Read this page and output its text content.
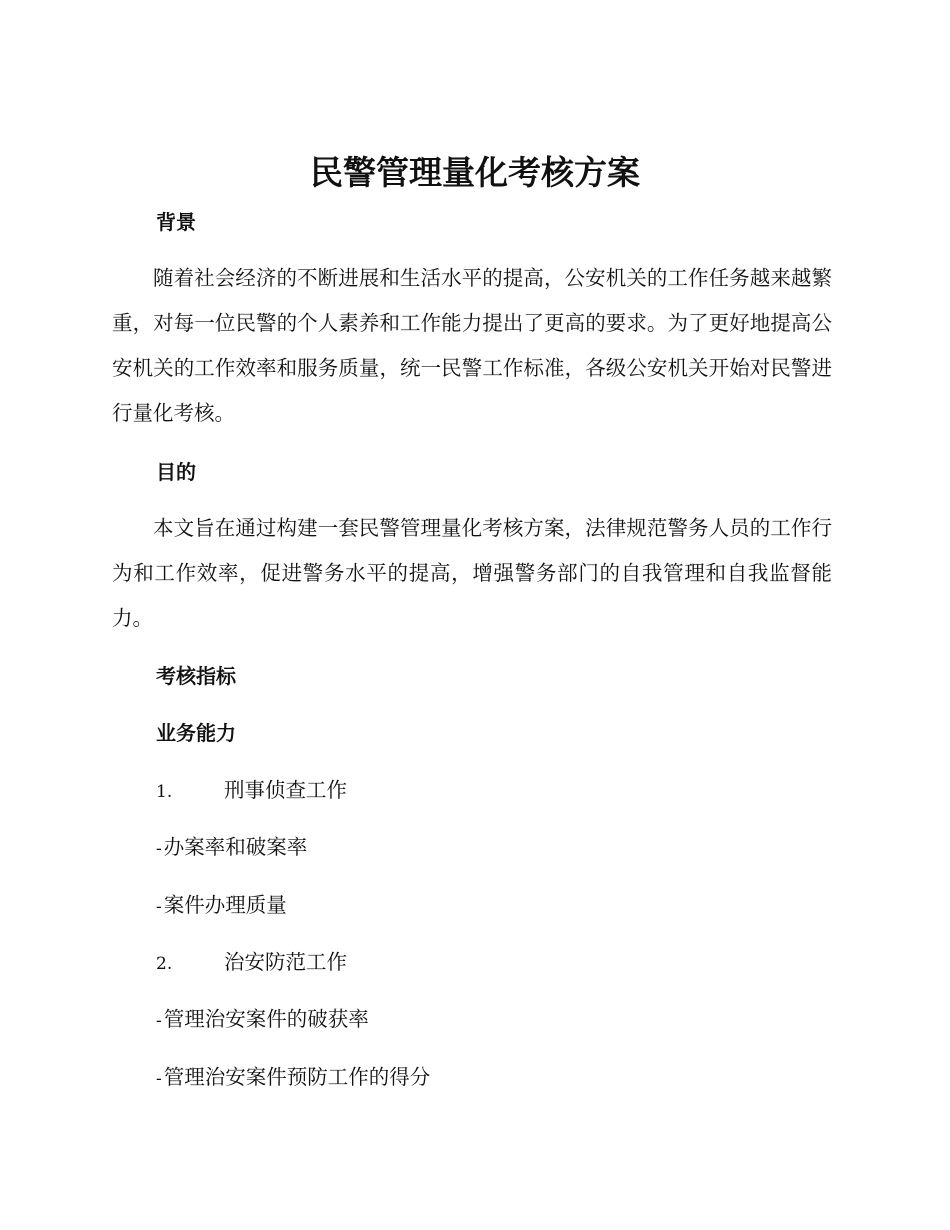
民警管理量化考核方案
背景
随着社会经济的不断进展和生活水平的提高，公安机关的工作任务越来越繁重，对每一位民警的个人素养和工作能力提出了更高的要求。为了更好地提高公安机关的工作效率和服务质量，统一民警工作标准，各级公安机关开始对民警进行量化考核。
目的
本文旨在通过构建一套民警管理量化考核方案，法律规范警务人员的工作行为和工作效率，促进警务水平的提高，增强警务部门的自我管理和自我监督能力。
考核指标
业务能力
1.	刑事侦查工作
-办案率和破案率
-案件办理质量
2.	治安防范工作
-管理治安案件的破获率
-管理治安案件预防工作的得分
